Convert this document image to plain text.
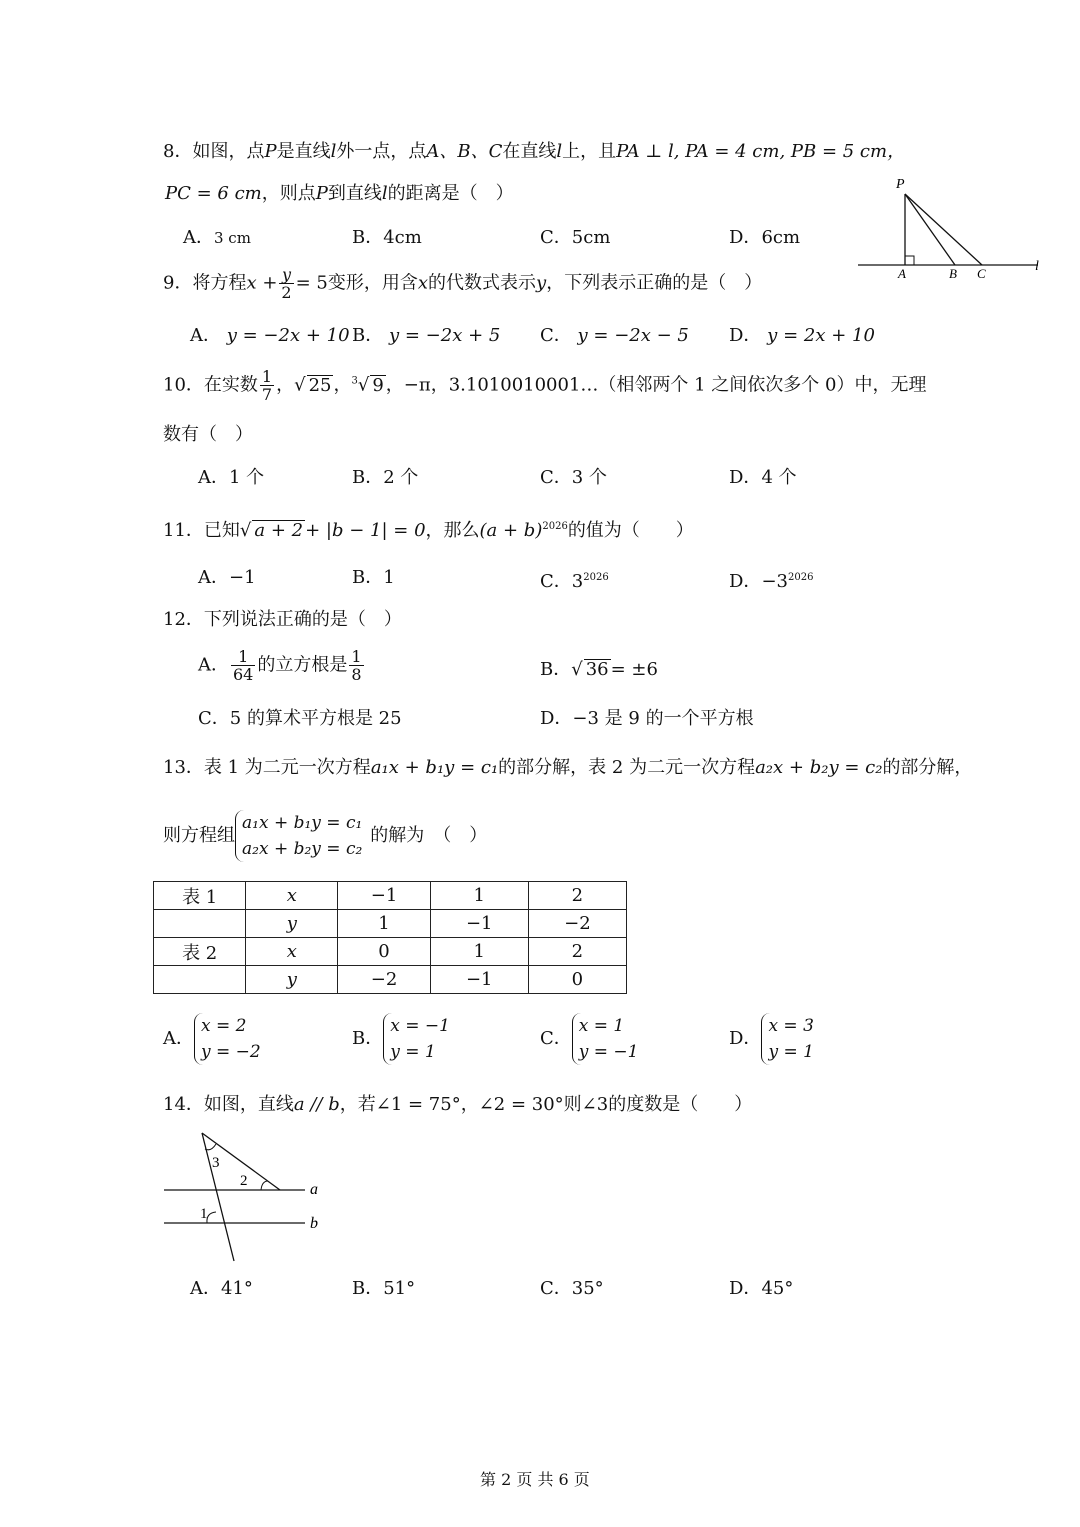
8．如图，点P是直线l外一点，点A、B、C在直线l上，且PA ⊥ l, PA = 4 cm, PB = 5 cm，
PC = 6 cm，则点P到直线l的距离是（　）
A．3 cm	B．4cm	C．5cm	D．6cm
P
A	B C	l
9．将方程$x + \frac{y}{2} = 5$变形，用含x的代数式表示y，下列表示正确的是（　）
A． y = −2x + 10 B． y = −2x + 5 C． y = −2x − 5 D． y = 2x + 10
10．在实数 $\frac{1}{7}$ ，√ 25 ，$^3$√ 9 ，−π，3.1010010001…（相邻两个 1 之间依次多个 0）中，无理
数有（　）
A．1 个	B．2 个	C．3 个	D．4 个
11．已知√ a + 2 + |b − 1| = 0，那么$(a + b)^{2026}$的值为（　　）
A．−1	B．1	C．$3^{2026}$	D．$-3^{2026}$
12．下列说法正确的是（　）
A． $\frac{1}{64}$ 的立方根是 $\frac{1}{8}$	B．√ 36 = ±6
C．5 的算术平方根是 25	D．−3 是 9 的一个平方根
13．表 1 为二元一次方程a₁x + b₁y = c₁的部分解，表 2 为二元一次方程a₂x + b₂y = c₂的部分解，
则方程组
a₁x + b₁y = c₁
a₂x + b₂y = c₂
的解为　（　）
表 1	x	−1	1	2
	y	1	−1	−2
表 2	x	0	1	2
	y	−2	−1	0
A．
x = 2
y = −2
B．
x = −1
y = 1
C．
x = 1
y = −1
D．
x = 3
y = 1
14．如图，直线a // b，若∠1 = 75°，∠2 = 30°则∠3的度数是（　　）
3
2
1
a
b
A．41°	B．51°	C．35°	D．45°
第 2 页 共 6 页
